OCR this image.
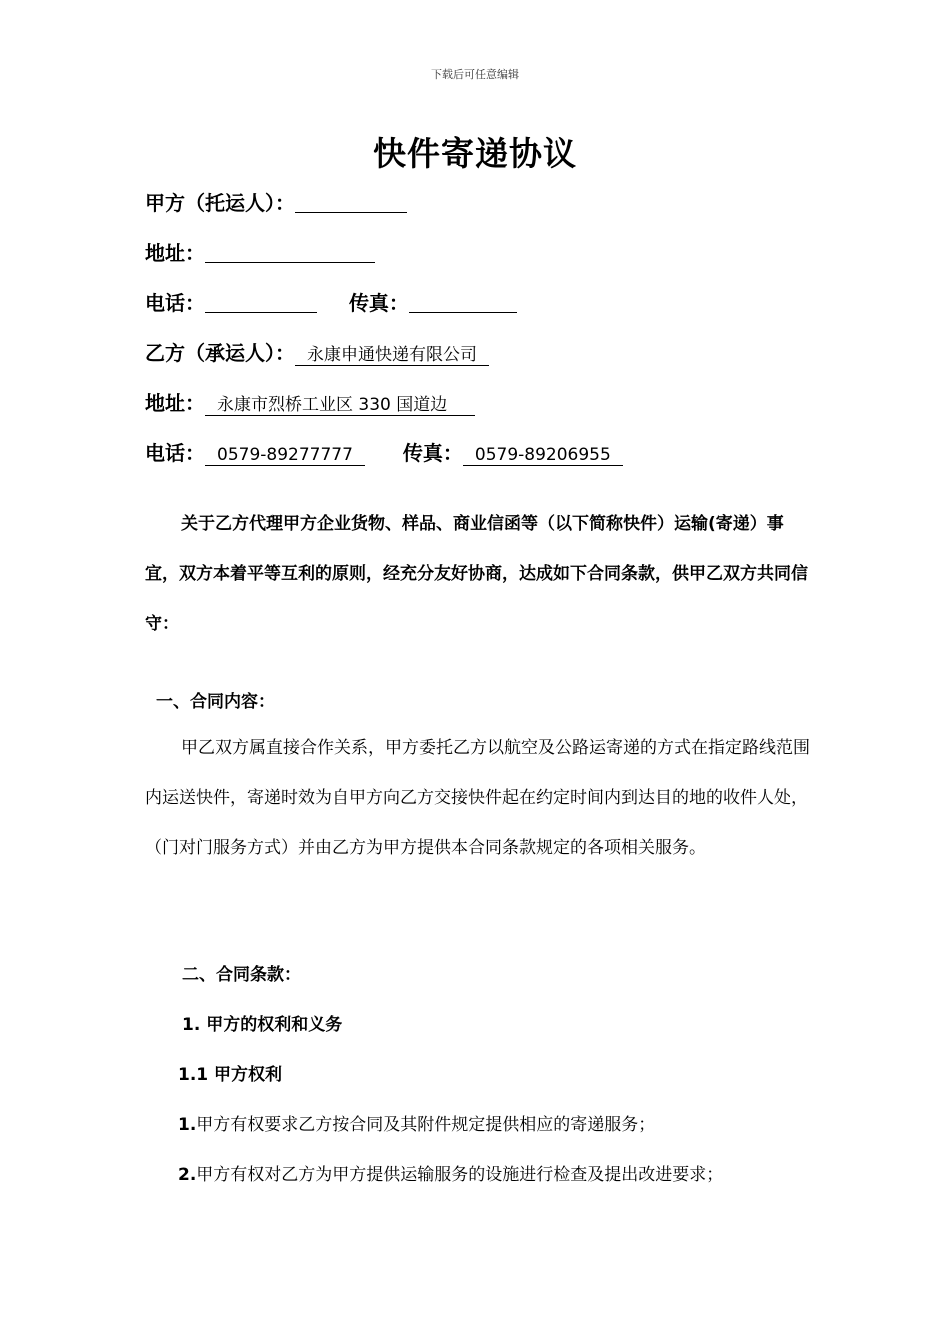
下载后可任意编辑
快件寄递协议
甲方（托运人）：
地址：
电话：	传真：
乙方（承运人）： 永康申通快递有限公司
地址： 永康市烈桥工业区 330 国道边
电话： 0579-89277777 传真： 0579-89206955

关于乙方代理甲方企业货物、样品、商业信函等（以下简称快件）运输(寄递）事宜，双方本着平等互利的原则，经充分友好协商，达成如下合同条款，供甲乙双方共同信守：

一、合同内容：

甲乙双方属直接合作关系，甲方委托乙方以航空及公路运寄递的方式在指定路线范围内运送快件，寄递时效为自甲方向乙方交接快件起在约定时间内到达目的地的收件人处，（门对门服务方式）并由乙方为甲方提供本合同条款规定的各项相关服务。

二、合同条款：
1. 甲方的权利和义务
1.1 甲方权利
1.甲方有权要求乙方按合同及其附件规定提供相应的寄递服务；
2.甲方有权对乙方为甲方提供运输服务的设施进行检查及提出改进要求；
